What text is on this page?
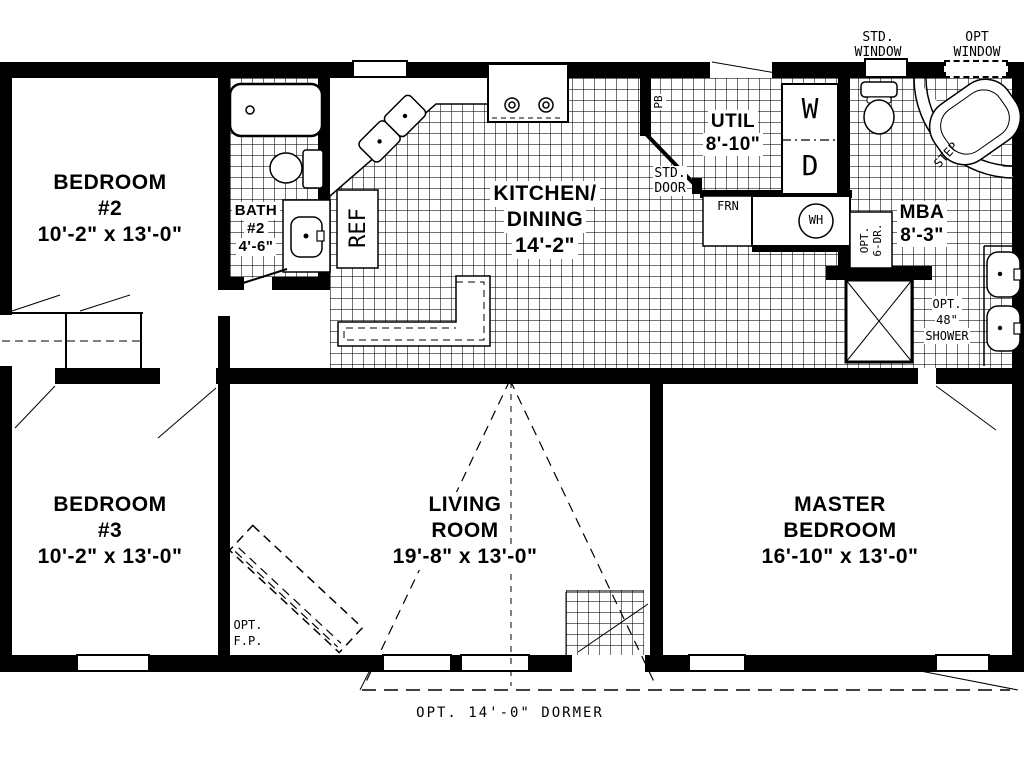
BEDROOM
#2
10'-2" x 13'-0"
BATH
#2
4'-6"
KITCHEN/
DINING
14'-2"
UTIL
8'-10"
MBA
8'-3"
BEDROOM
#3
10'-2" x 13'-0"
LIVING
ROOM
19'-8" x 13'-0"
MASTER
BEDROOM
16'-10" x 13'-0"
STD.
WINDOW
OPT
WINDOW
STD.
DOOR
PB
FRN
WH
W
D
REF
STEP
OPT.
6-DR.
OPT.
48"
SHOWER
OPT.
F.P.
OPT. 14'-0" DORMER
